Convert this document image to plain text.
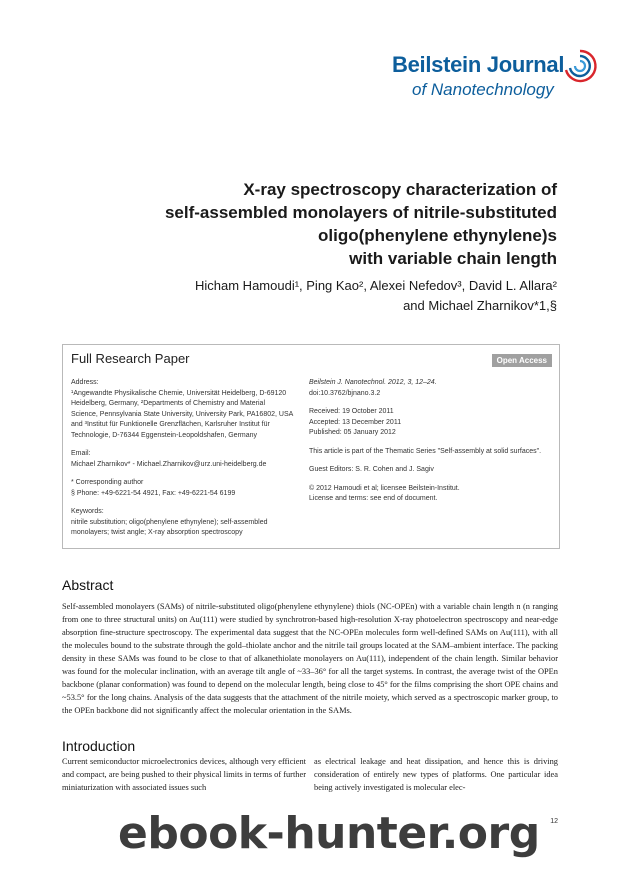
Beilstein Journal
of Nanotechnology
X-ray spectroscopy characterization of
self-assembled monolayers of nitrile-substituted
oligo(phenylene ethynylene)s
with variable chain length
Hicham Hamoudi¹, Ping Kao², Alexei Nefedov³, David L. Allara²
and Michael Zharnikov*1,§
Full Research Paper	Open Access

Address:
¹Angewandte Physikalische Chemie, Universität Heidelberg, D-69120 Heidelberg, Germany, ²Departments of Chemistry and Material Science, Pennsylvania State University, University Park, PA16802, USA and ³Institut für Funktionelle Grenzflächen, Karlsruher Institut für Technologie, D-76344 Eggenstein-Leopoldshafen, Germany

Email:
Michael Zharnikov* - Michael.Zharnikov@urz.uni-heidelberg.de

* Corresponding author
§ Phone: +49-6221-54 4921, Fax: +49-6221-54 6199

Keywords:
nitrile substitution; oligo(phenylene ethynylene); self-assembled monolayers; twist angle; X-ray absorption spectroscopy

Beilstein J. Nanotechnol. 2012, 3, 12–24.
doi:10.3762/bjnano.3.2

Received: 19 October 2011
Accepted: 13 December 2011
Published: 05 January 2012

This article is part of the Thematic Series "Self-assembly at solid surfaces".

Guest Editors: S. R. Cohen and J. Sagiv

© 2012 Hamoudi et al; licensee Beilstein-Institut.
License and terms: see end of document.

Abstract
Self-assembled monolayers (SAMs) of nitrile-substituted oligo(phenylene ethynylene) thiols (NC-OPEn) with a variable chain length n (n ranging from one to three structural units) on Au(111) were studied by synchrotron-based high-resolution X-ray photoelectron spectroscopy and near-edge absorption fine-structure spectroscopy. The experimental data suggest that the NC-OPEn molecules form well-defined SAMs on Au(111), with all the molecules bound to the substrate through the gold–thiolate anchor and the nitrile tail groups located at the SAM–ambient interface. The packing density in these SAMs was found to be close to that of alkanethiolate monolayers on Au(111), independent of the chain length. Similar behavior was found for the molecular inclination, with an average tilt angle of ~33–36° for all the target systems. In contrast, the average twist of the OPEn backbone (planar conformation) was found to depend on the molecular length, being close to 45° for the films comprising the short OPE chains and ~53.5° for the long chains. Analysis of the data suggests that the attachment of the nitrile moiety, which served as a spectroscopic marker group, to the OPEn backbone did not significantly affect the molecular orientation in the SAMs.
Introduction
Current semiconductor microelectronics devices, although very efficient and compact, are being pushed to their physical limits in terms of further miniaturization with associated issues such
as electrical leakage and heat dissipation, and hence this is driving consideration of entirely new types of platforms. One particular idea being actively investigated is molecular elec-
12
ebook-hunter.org
